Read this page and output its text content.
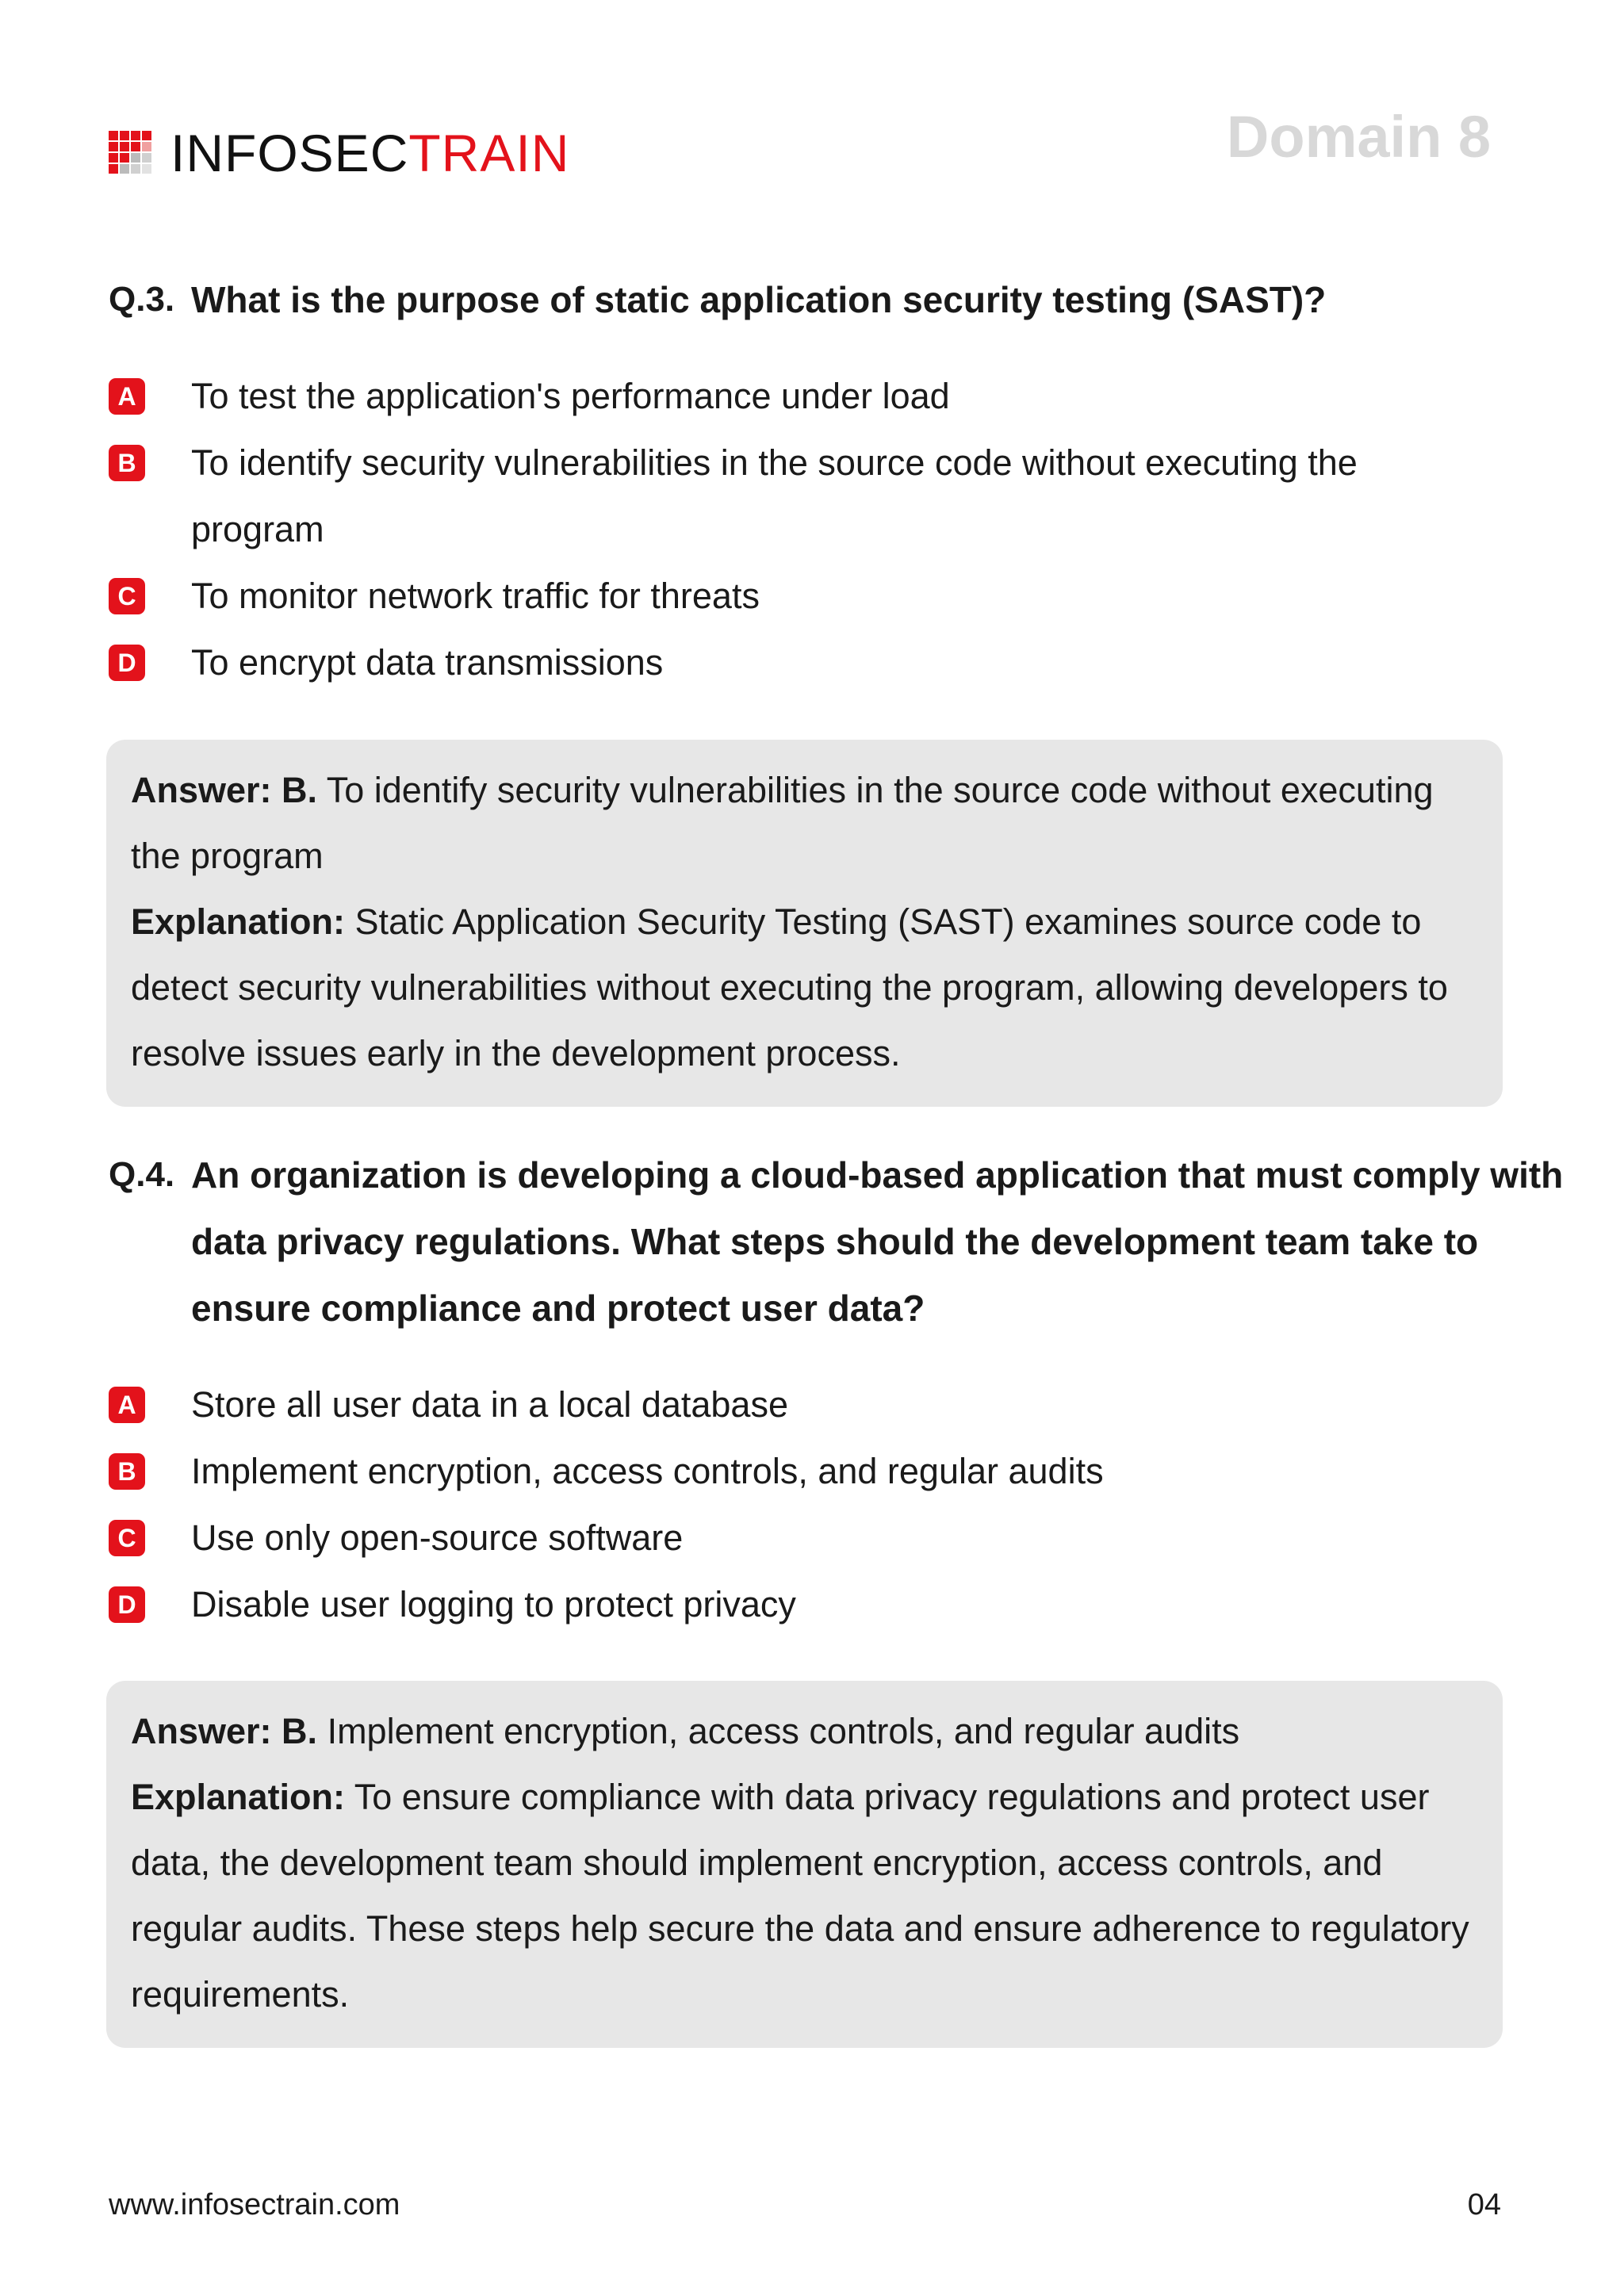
INFOSECTRAIN	Domain 8
Q.3. What is the purpose of static application security testing (SAST)?
A To test the application's performance under load
B To identify security vulnerabilities in the source code without executing the program
C To monitor network traffic for threats
D To encrypt data transmissions

Answer: B. To identify security vulnerabilities in the source code without executing the program

Explanation: Static Application Security Testing (SAST) examines source code to detect security vulnerabilities without executing the program, allowing developers to resolve issues early in the development process.

Q.4. An organization is developing a cloud-based application that must comply with data privacy regulations. What steps should the development team take to ensure compliance and protect user data?
A Store all user data in a local database
B Implement encryption, access controls, and regular audits
C Use only open-source software
D Disable user logging to protect privacy

Answer: B. Implement encryption, access controls, and regular audits

Explanation: To ensure compliance with data privacy regulations and protect user data, the development team should implement encryption, access controls, and regular audits. These steps help secure the data and ensure adherence to regulatory requirements.

www.infosectrain.com	04
